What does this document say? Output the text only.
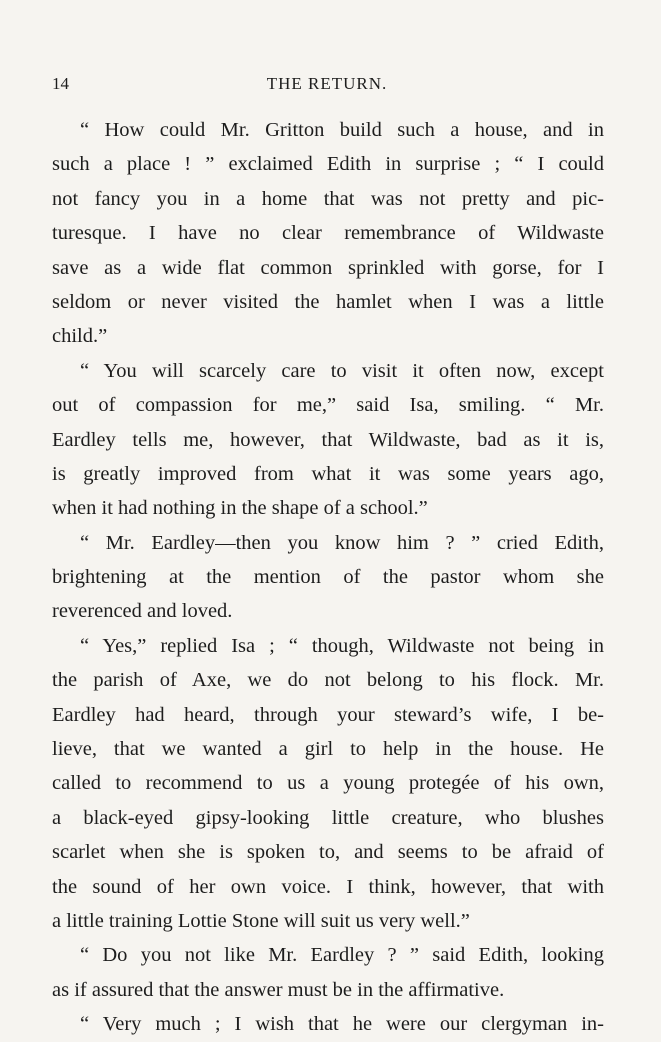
14	THE RETURN.
“ How could Mr. Gritton build such a house, and in
such a place ! ” exclaimed Edith in surprise ; “ I could
not fancy you in a home that was not pretty and pic-
turesque. I have no clear remembrance of Wildwaste
save as a wide flat common sprinkled with gorse, for I
seldom or never visited the hamlet when I was a little
child.”
“ You will scarcely care to visit it often now, except
out of compassion for me,” said Isa, smiling. “ Mr.
Eardley tells me, however, that Wildwaste, bad as it is,
is greatly improved from what it was some years ago,
when it had nothing in the shape of a school.”
“ Mr. Eardley—then you know him ? ” cried Edith,
brightening at the mention of the pastor whom she
reverenced and loved.
“ Yes,” replied Isa ; “ though, Wildwaste not being in
the parish of Axe, we do not belong to his flock. Mr.
Eardley had heard, through your steward’s wife, I be-
lieve, that we wanted a girl to help in the house. He
called to recommend to us a young protegée of his own,
a black-eyed gipsy-looking little creature, who blushes
scarlet when she is spoken to, and seems to be afraid of
the sound of her own voice. I think, however, that with
a little training Lottie Stone will suit us very well.”
“ Do you not like Mr. Eardley ? ” said Edith, looking
as if assured that the answer must be in the affirmative.
“ Very much ; I wish that he were our clergyman in-
